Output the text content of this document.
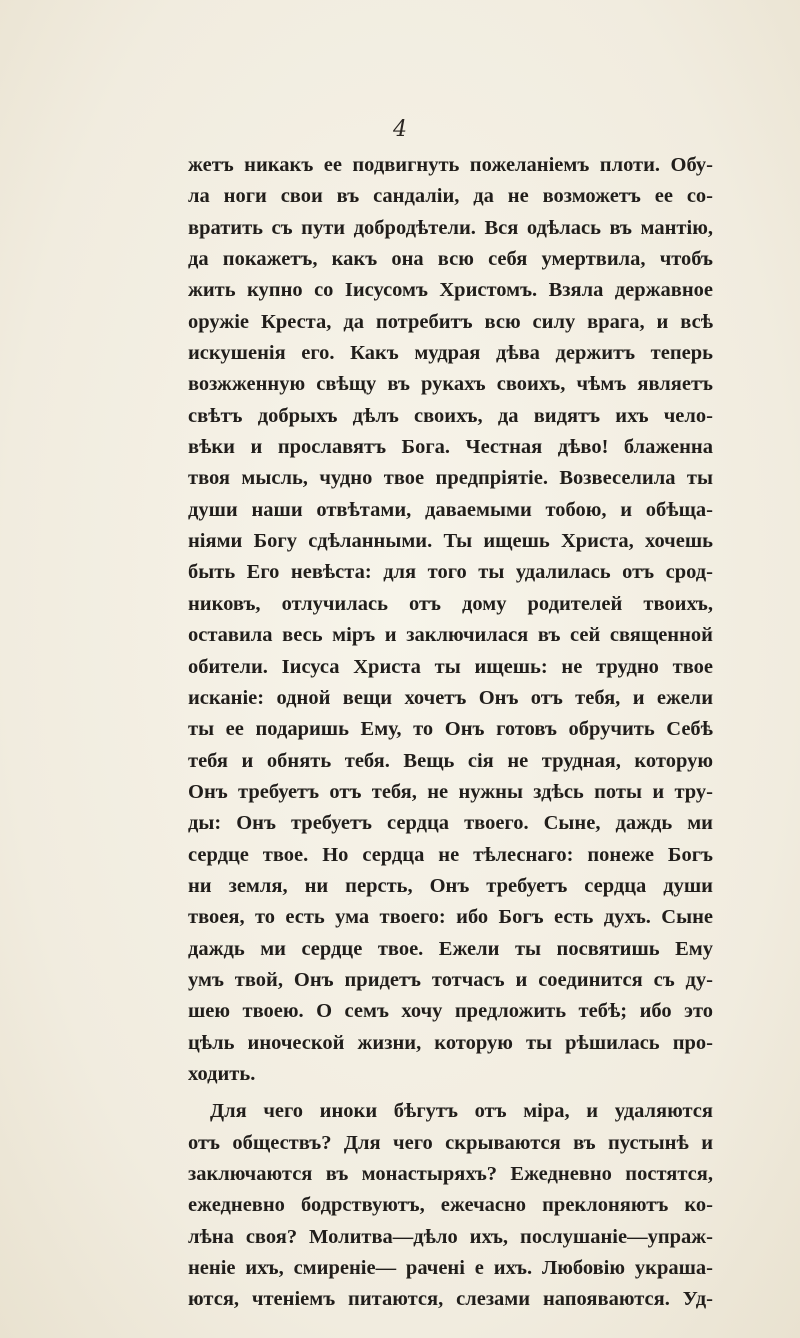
4
жетъ никакъ ее подвигнуть пожеланіемъ плоти. Обу-
ла ноги свои въ сандаліи, да не возможетъ ее со-
вратить съ пути добродѣтели. Вся одѣлась въ мантію,
да покажетъ, какъ она всю себя умертвила, чтобъ
жить купно со Іисусомъ Христомъ. Взяла державное
оружіе Креста, да потребитъ всю силу врага, и всѣ
искушенія его. Какъ мудрая дѣва держитъ теперь
возжженную свѣщу въ рукахъ своихъ, чѣмъ являетъ
свѣтъ добрыхъ дѣлъ своихъ, да видятъ ихъ чело-
вѣки и прославятъ Бога. Честная дѣво! блаженна
твоя мысль, чудно твое предпріятіе. Возвеселила ты
души наши отвѣтами, даваемыми тобою, и обѣща-
ніями Богу сдѣланными. Ты ищешь Христа, хочешь
быть Его невѣста: для того ты удалилась отъ срод-
никовъ, отлучилась отъ дому родителей твоихъ,
оставила весь міръ и заключилася въ сей священной
обители. Іисуса Христа ты ищешь: не трудно твое
исканіе: одной вещи хочетъ Онъ отъ тебя, и ежели
ты ее подаришь Ему, то Онъ готовъ обручить Себѣ
тебя и обнять тебя. Вещь сія не трудная, которую
Онъ требуетъ отъ тебя, не нужны здѣсь поты и тру-
ды: Онъ требуетъ сердца твоего. Сыне, даждь ми
сердце твое. Но сердца не тѣлеснаго: понеже Богъ
ни земля, ни персть, Онъ требуетъ сердца души
твоея, то есть ума твоего: ибо Богъ есть духъ. Сыне
даждь ми сердце твое. Ежели ты посвятишь Ему
умъ твой, Онъ придетъ тотчасъ и соединится съ ду-
шею твоею. О семъ хочу предложить тебѣ; ибо это
цѣль иноческой жизни, которую ты рѣшилась про-
ходить.
Для чего иноки бѣгутъ отъ міра, и удаляются
отъ обществъ? Для чего скрываются въ пустынѣ и
заключаются въ монастыряхъ? Ежедневно постятся,
ежедневно бодрствуютъ, ежечасно преклоняютъ ко-
лѣна своя? Молитва—дѣло ихъ, послушаніе—упраж-
неніе ихъ, смиреніе— рачені е ихъ. Любовію украша-
ются, чтеніемъ питаются, слезами напояваются. Уд-
